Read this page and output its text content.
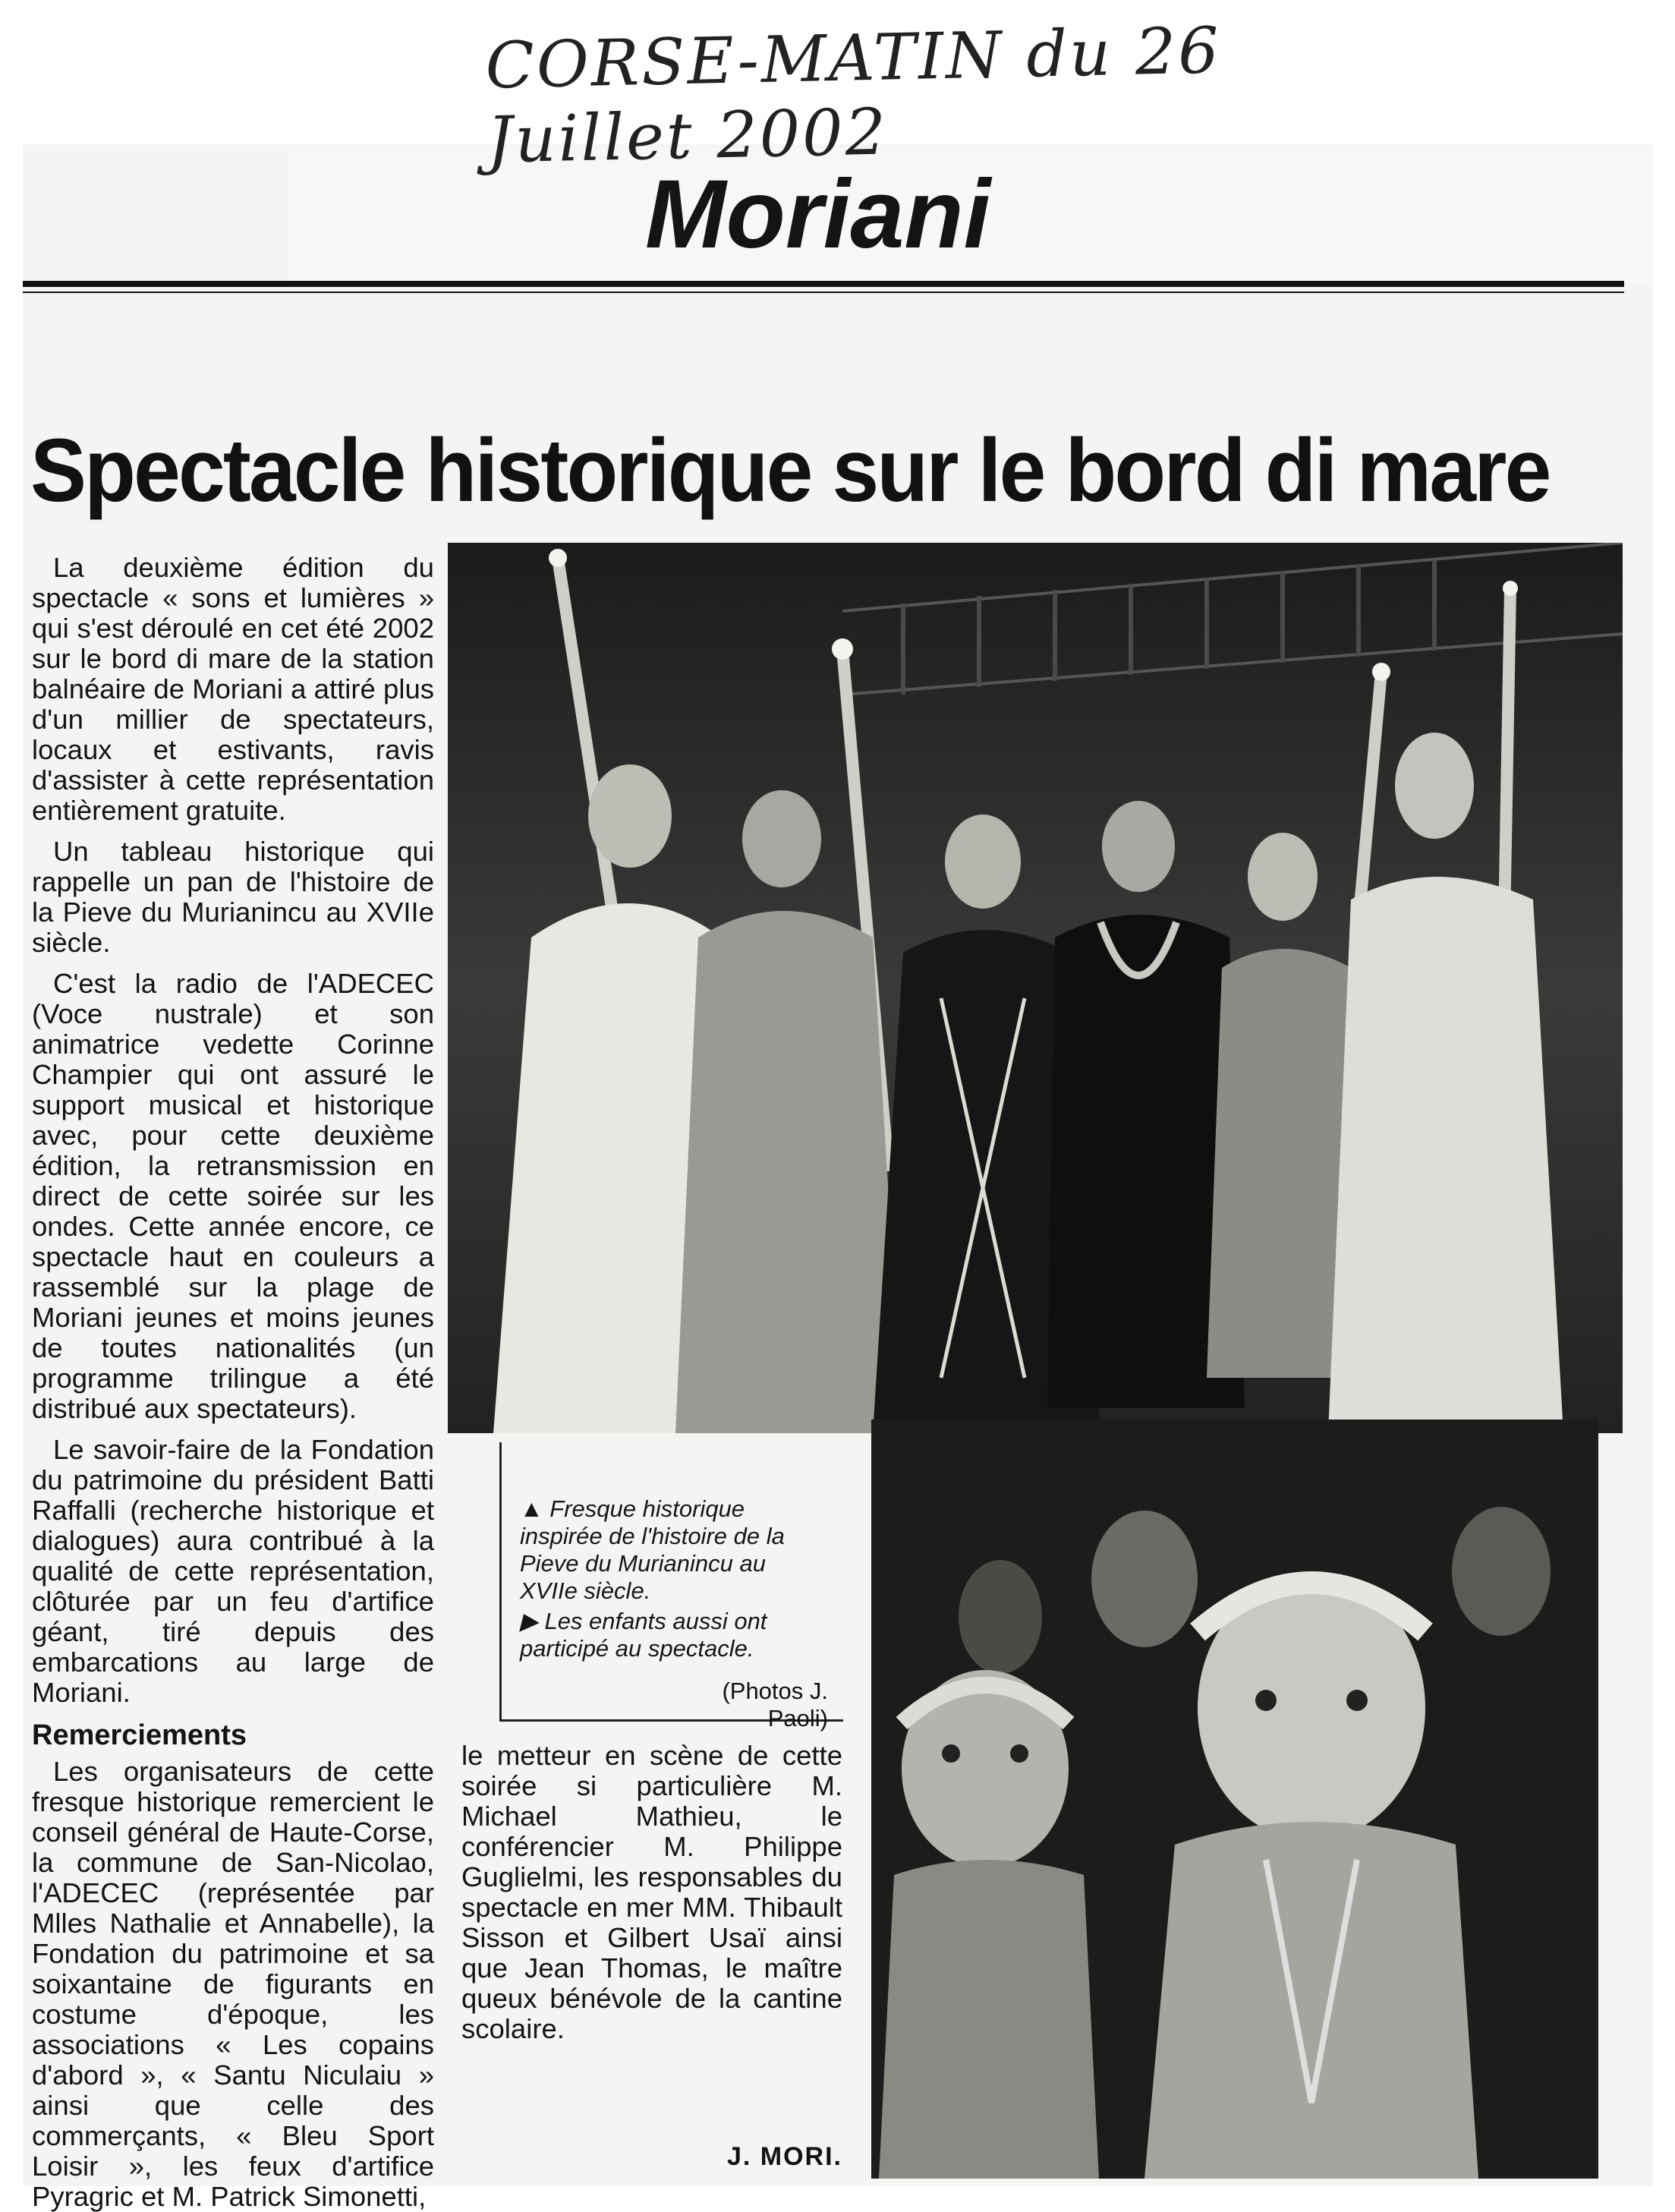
CORSE-MATIN du 26 Juillet 2002
Moriani
Spectacle historique sur le bord di mare

La deuxième édition du spectacle « sons et lumières » qui s'est déroulé en cet été 2002 sur le bord di mare de la station balnéaire de Moriani a attiré plus d'un millier de spectateurs, locaux et estivants, ravis d'assister à cette représentation entièrement gratuite.

Un tableau historique qui rappelle un pan de l'histoire de la Pieve du Murianincu au XVIIe siècle.

C'est la radio de l'ADECEC (Voce nustrale) et son animatrice vedette Corinne Champier qui ont assuré le support musical et historique avec, pour cette deuxième édition, la retransmission en direct de cette soirée sur les ondes. Cette année encore, ce spectacle haut en couleurs a rassemblé sur la plage de Moriani jeunes et moins jeunes de toutes nationalités (un programme trilingue a été distribué aux spectateurs).

Le savoir-faire de la Fondation du patrimoine du président Batti Raffalli (recherche historique et dialogues) aura contribué à la qualité de cette représentation, clôturée par un feu d'artifice géant, tiré depuis des embarcations au large de Moriani.

Remerciements

Les organisateurs de cette fresque historique remercient le conseil général de Haute-Corse, la commune de San-Nicolao, l'ADECEC (représentée par Mlles Nathalie et Annabelle), la Fondation du patrimoine et sa soixantaine de figurants en costume d'époque, les associations « Les copains d'abord », « Santu Niculaiu » ainsi que celle des commerçants, « Bleu Sport Loisir », les feux d'artifice Pyragric et M. Patrick Simonetti,

▲ Fresque historique inspirée de l'histoire de la Pieve du Murianincu au XVIIe siècle.
▶ Les enfants aussi ont participé au spectacle.
(Photos J. Paoli)

le metteur en scène de cette soirée si particulière M. Michael Mathieu, le conférencier M. Philippe Guglielmi, les responsables du spectacle en mer MM. Thibault Sisson et Gilbert Usaï ainsi que Jean Thomas, le maître queux bénévole de la cantine scolaire.

J. MORI.
